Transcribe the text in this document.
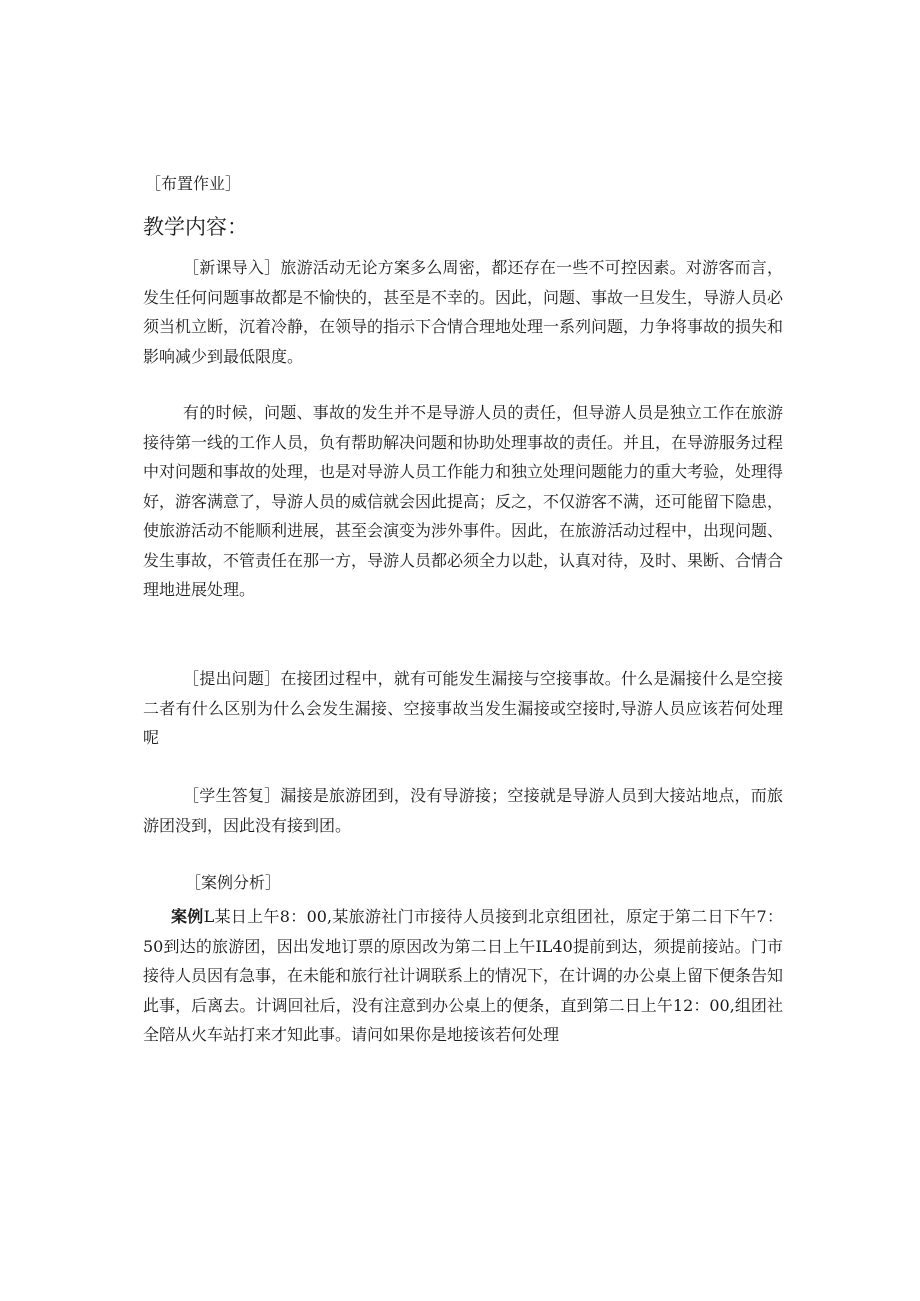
［布置作业］
教学内容：

［新课导入］旅游活动无论方案多么周密，都还存在一些不可控因素。对游客而言，发生任何问题事故都是不愉快的，甚至是不幸的。因此，问题、事故一旦发生，导游人员必须当机立断，沉着冷静，在领导的指示下合情合理地处理一系列问题，力争将事故的损失和影响减少到最低限度。

有的时候，问题、事故的发生并不是导游人员的责任，但导游人员是独立工作在旅游接待第一线的工作人员，负有帮助解决问题和协助处理事故的责任。并且，在导游服务过程中对问题和事故的处理，也是对导游人员工作能力和独立处理问题能力的重大考验，处理得好，游客满意了，导游人员的威信就会因此提高；反之，不仅游客不满，还可能留下隐患，使旅游活动不能顺利进展，甚至会演变为涉外事件。因此，在旅游活动过程中，出现问题、发生事故，不管责任在那一方，导游人员都必须全力以赴，认真对待，及时、果断、合情合理地进展处理。

［提出问题］在接团过程中，就有可能发生漏接与空接事故。什么是漏接什么是空接二者有什么区别为什么会发生漏接、空接事故当发生漏接或空接时,导游人员应该若何处理呢

［学生答复］漏接是旅游团到，没有导游接；空接就是导游人员到大接站地点，而旅游团没到，因此没有接到团。

［案例分析］

案例L某日上午8：00,某旅游社门市接待人员接到北京组团社，原定于第二日下午7：50到达的旅游团，因出发地订票的原因改为第二日上午IL40提前到达，须提前接站。门市接待人员因有急事，在未能和旅行社计调联系上的情况下，在计调的办公桌上留下便条告知此事，后离去。计调回社后，没有注意到办公桌上的便条，直到第二日上午12：00,组团社全陪从火车站打来才知此事。请问如果你是地接该若何处理
